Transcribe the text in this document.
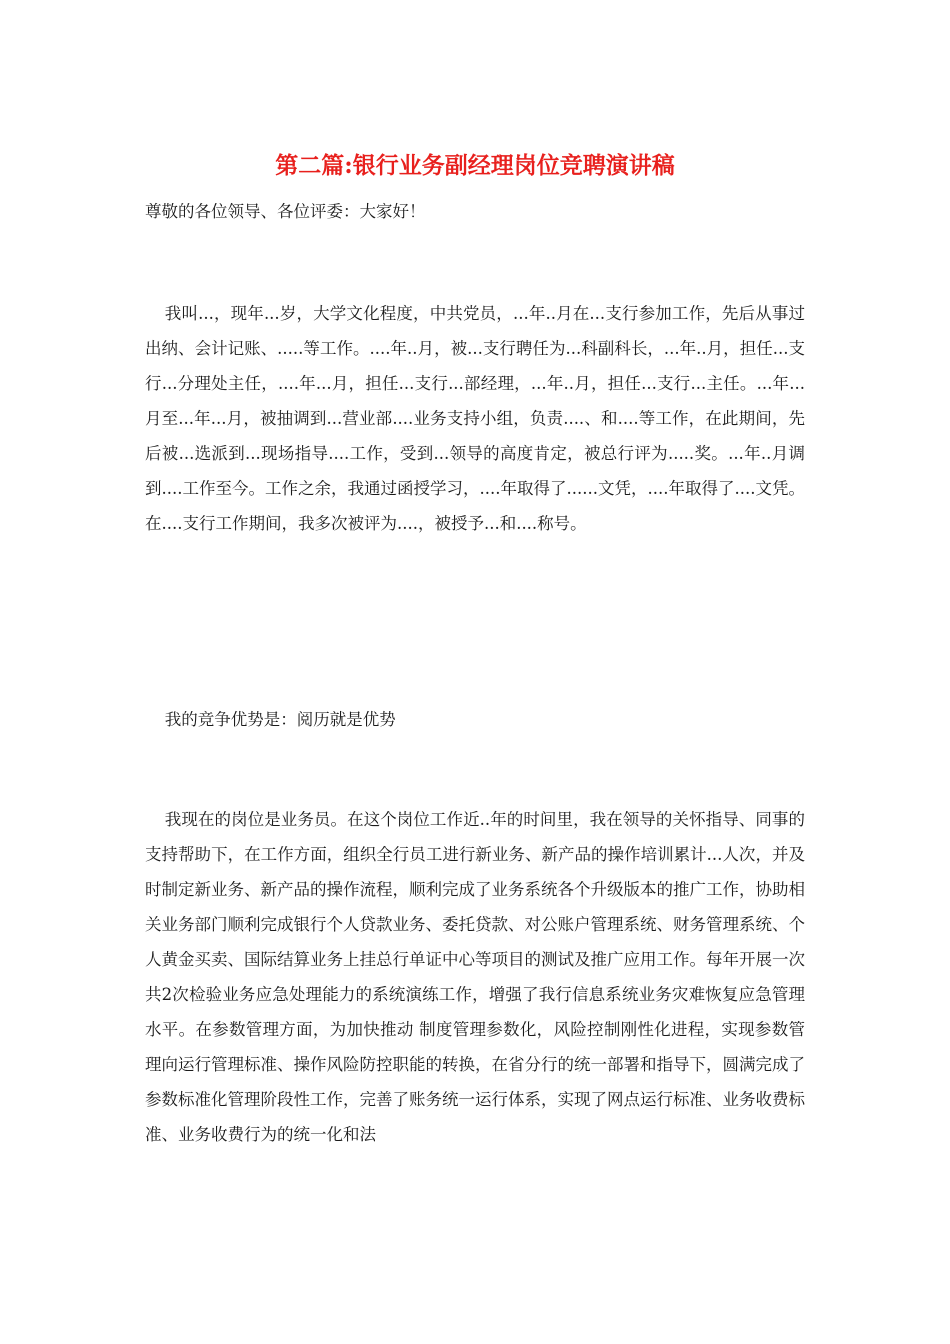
第二篇:银行业务副经理岗位竞聘演讲稿
尊敬的各位领导、各位评委：大家好！
我叫...，现年...岁，大学文化程度，中共党员，...年..月在...支行参加工作，先后从事过出纳、会计记账、.....等工作。....年..月，被...支行聘任为...科副科长，...年..月，担任...支行...分理处主任，....年...月，担任...支行...部经理，...年..月，担任...支行...主任。...年...月至...年...月，被抽调到...营业部....业务支持小组，负责....、和....等工作，在此期间，先后被...选派到...现场指导....工作，受到...领导的高度肯定，被总行评为.....奖。...年..月调到....工作至今。工作之余，我通过函授学习，....年取得了......文凭，....年取得了....文凭。在....支行工作期间，我多次被评为....，被授予...和....称号。
我的竞争优势是：阅历就是优势
我现在的岗位是业务员。在这个岗位工作近..年的时间里，我在领导的关怀指导、同事的支持帮助下，在工作方面，组织全行员工进行新业务、新产品的操作培训累计...人次，并及时制定新业务、新产品的操作流程，顺利完成了业务系统各个升级版本的推广工作，协助相关业务部门顺利完成银行个人贷款业务、委托贷款、对公账户管理系统、财务管理系统、个人黄金买卖、国际结算业务上挂总行单证中心等项目的测试及推广应用工作。每年开展一次共2次检验业务应急处理能力的系统演练工作，增强了我行信息系统业务灾难恢复应急管理水平。在参数管理方面，为加快推动 制度管理参数化，风险控制刚性化进程，实现参数管理向运行管理标准、操作风险防控职能的转换，在省分行的统一部署和指导下，圆满完成了参数标准化管理阶段性工作，完善了账务统一运行体系，实现了网点运行标准、业务收费标准、业务收费行为的统一化和法
